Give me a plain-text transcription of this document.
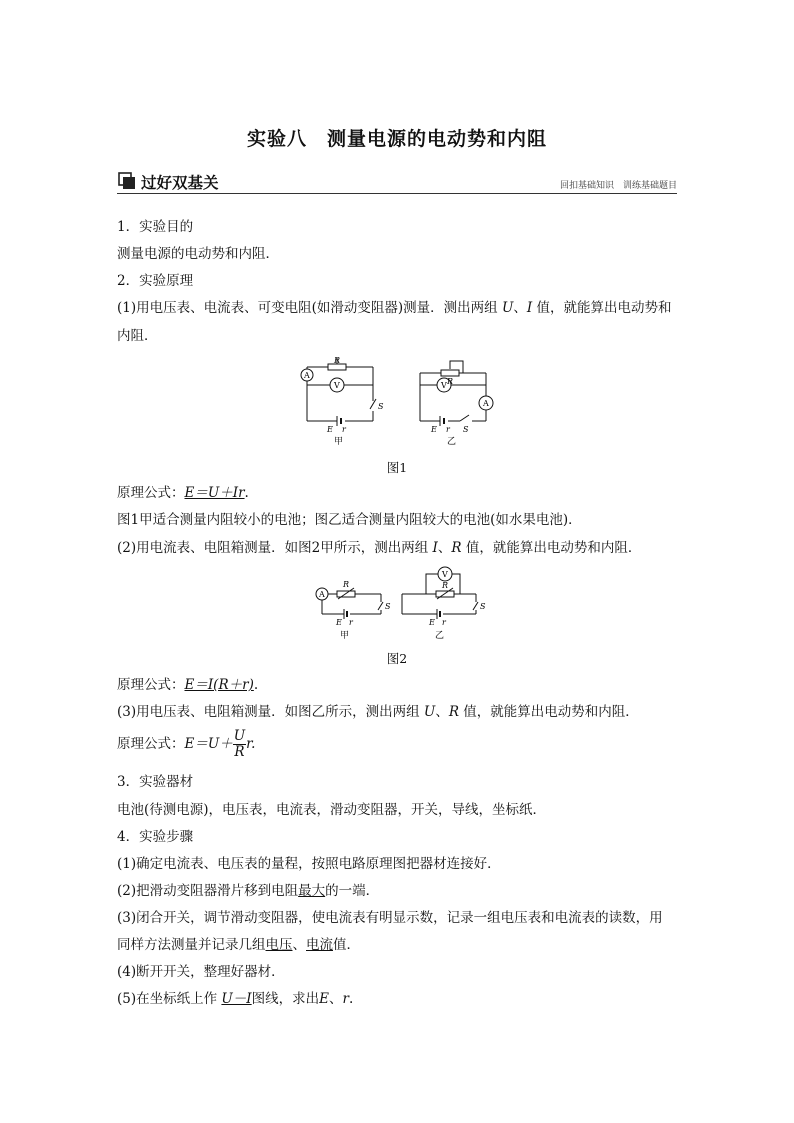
实验八　测量电源的电动势和内阻
过好双基关	回扣基础知识　训练基础题目
1．实验目的
测量电源的电动势和内阻．
2．实验原理
(1)用电压表、电流表、可变电阻(如滑动变阻器)测量．测出两组 U、I 值，就能算出电动势和
内阻．
R
A
V
S
E r
甲
R
V
A
E r S
乙
图1
原理公式：E＝U＋Ir.
图1甲适合测量内阻较小的电池；图乙适合测量内阻较大的电池(如水果电池)．
(2)用电流表、电阻箱测量．如图2甲所示，测出两组 I、R 值，就能算出电动势和内阻．
R
A
S
E r
甲
V
R
S
E r
乙
图2
原理公式：E＝I(R＋r).
(3)用电压表、电阻箱测量．如图乙所示，测出两组 U、R 值，就能算出电动势和内阻．
原理公式：$E=U+ \frac{U}{R} r$.
3．实验器材
电池(待测电源)，电压表，电流表，滑动变阻器，开关，导线，坐标纸．
4．实验步骤
(1)确定电流表、电压表的量程，按照电路原理图把器材连接好．
(2)把滑动变阻器滑片移到电阻最大的一端．
(3)闭合开关，调节滑动变阻器，使电流表有明显示数，记录一组电压表和电流表的读数，用
同样方法测量并记录几组电压、电流值．
(4)断开开关，整理好器材．
(5)在坐标纸上作 U－I图线，求出E、r.
